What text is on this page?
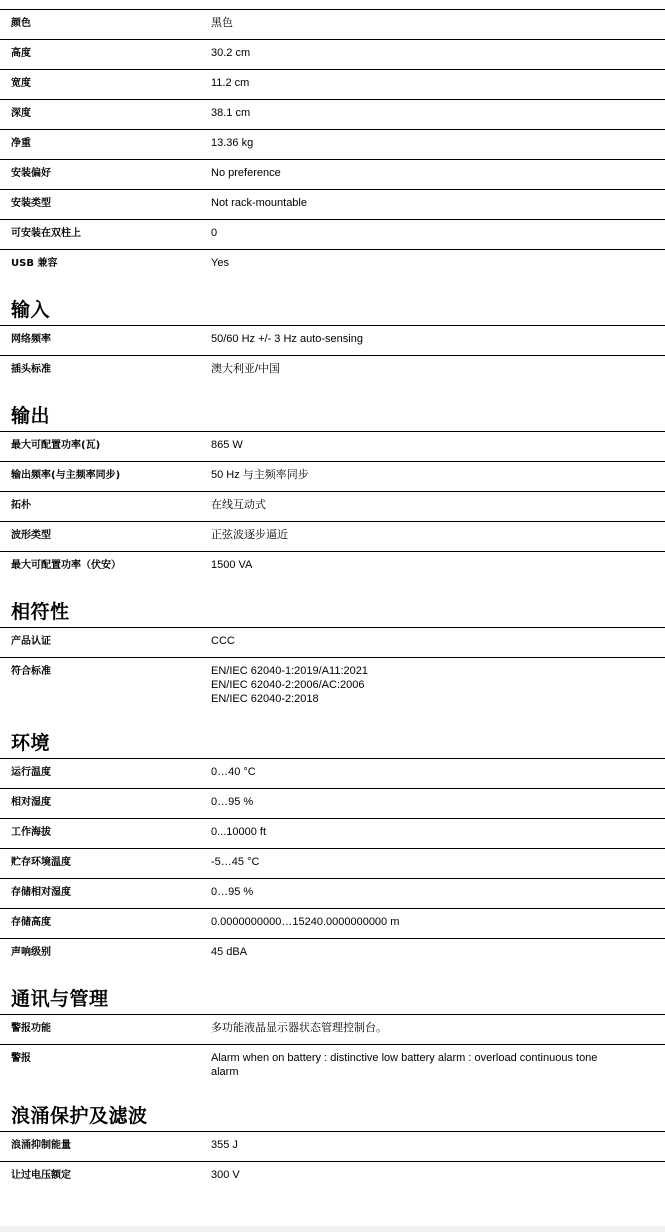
颜色	黑色
高度	30.2 cm
宽度	11.2 cm
深度	38.1 cm
净重	13.36 kg
安装偏好	No preference
安装类型	Not rack-mountable
可安装在双柱上	0
USB 兼容	Yes
输入
网络频率	50/60 Hz +/- 3 Hz auto-sensing
插头标准	澳大利亚/中国
输出
最大可配置功率(瓦)	865 W
输出频率(与主频率同步)	50 Hz 与主频率同步
拓朴	在线互动式
波形类型	正弦波逐步逼近
最大可配置功率（伏安）	1500 VA
相符性
产品认证	CCC
符合标准	EN/IEC 62040-1:2019/A11:2021
EN/IEC 62040-2:2006/AC:2006
EN/IEC 62040-2:2018
环境
运行温度	0…40 °C
相对湿度	0…95 %
工作海拔	0...10000 ft
贮存环境温度	-5…45 °C
存储相对湿度	0…95 %
存储高度	0.0000000000…15240.0000000000 m
声响级别	45 dBA
通讯与管理
警报功能	多功能液晶显示器状态管理控制台。
警报	Alarm when on battery : distinctive low battery alarm : overload continuous tone
alarm
浪涌保护及滤波
浪涌抑制能量	355 J
让过电压额定	300 V
